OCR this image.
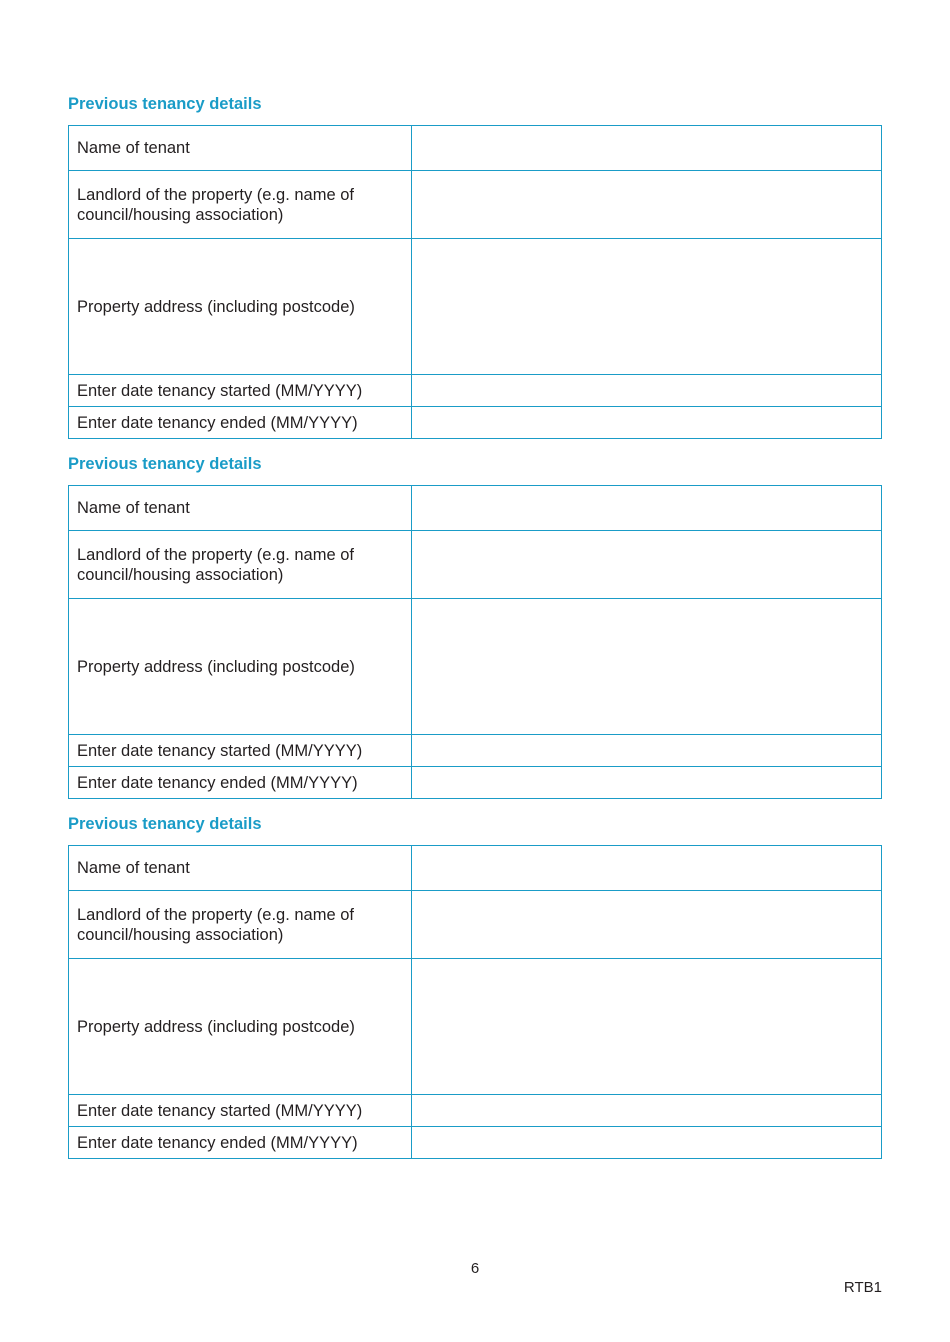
Previous tenancy details
Name of tenant	

Landlord of the property (e.g. name of council/housing association)	

Property address (including postcode)	

Enter date tenancy started (MM/YYYY)	

Enter date tenancy ended (MM/YYYY)	
Previous tenancy details
Name of tenant	

Landlord of the property (e.g. name of council/housing association)	

Property address (including postcode)	

Enter date tenancy started (MM/YYYY)	

Enter date tenancy ended (MM/YYYY)	
Previous tenancy details
Name of tenant	

Landlord of the property (e.g. name of council/housing association)	

Property address (including postcode)	

Enter date tenancy started (MM/YYYY)	

Enter date tenancy ended (MM/YYYY)	
6
RTB1
